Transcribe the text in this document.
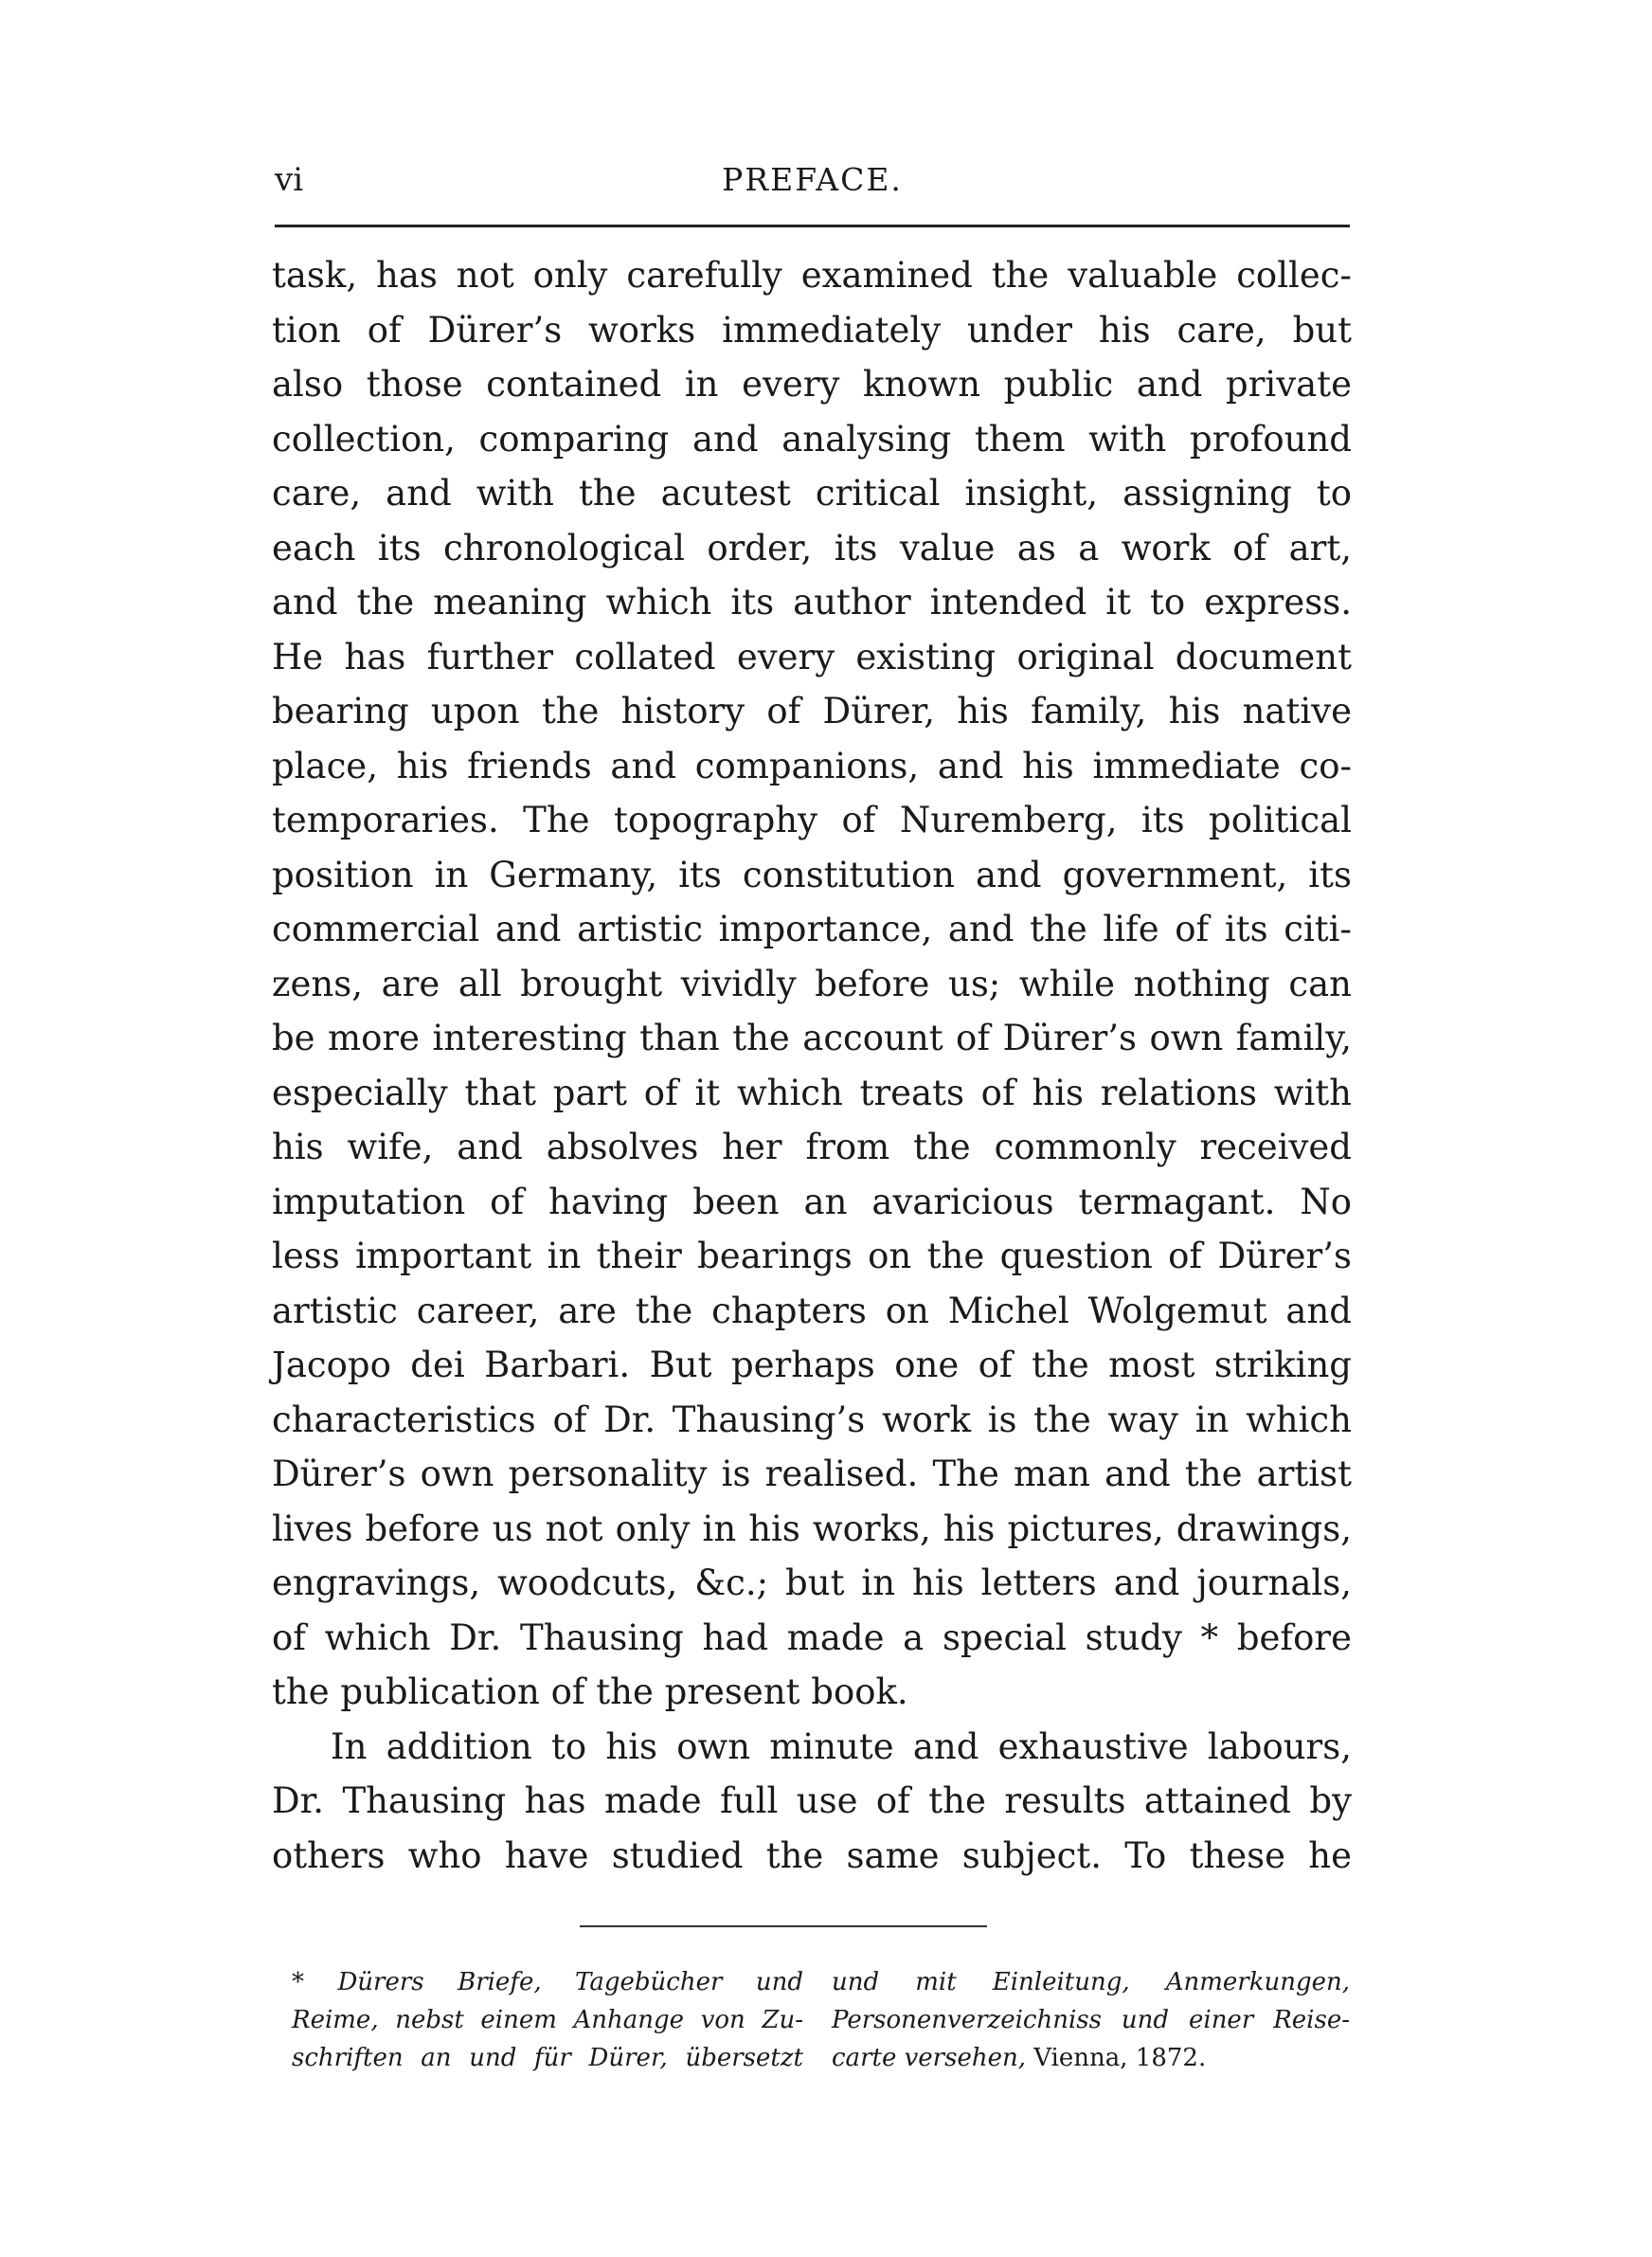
vi	PREFACE.
task, has not only carefully examined the valuable collec-
tion of Dürer’s works immediately under his care, but
also those contained in every known public and private
collection, comparing and analysing them with profound
care, and with the acutest critical insight, assigning to
each its chronological order, its value as a work of art,
and the meaning which its author intended it to express.
He has further collated every existing original document
bearing upon the history of Dürer, his family, his native
place, his friends and companions, and his immediate co-
temporaries. The topography of Nuremberg, its political
position in Germany, its constitution and government, its
commercial and artistic importance, and the life of its citi-
zens, are all brought vividly before us; while nothing can
be more interesting than the account of Dürer’s own family,
especially that part of it which treats of his relations with
his wife, and absolves her from the commonly received
imputation of having been an avaricious termagant. No
less important in their bearings on the question of Dürer’s
artistic career, are the chapters on Michel Wolgemut and
Jacopo dei Barbari. But perhaps one of the most striking
characteristics of Dr. Thausing’s work is the way in which
Dürer’s own personality is realised. The man and the artist
lives before us not only in his works, his pictures, drawings,
engravings, woodcuts, &c.; but in his letters and journals,
of which Dr. Thausing had made a special study * before
the publication of the present book.
In addition to his own minute and exhaustive labours,
Dr. Thausing has made full use of the results attained by
others who have studied the same subject. To these he
* Dürers Briefe, Tagebücher und
Reime, nebst einem Anhange von Zu-
schriften an und für Dürer, übersetzt
und mit Einleitung, Anmerkungen,
Personenverzeichniss und einer Reise-
carte versehen, Vienna, 1872.
